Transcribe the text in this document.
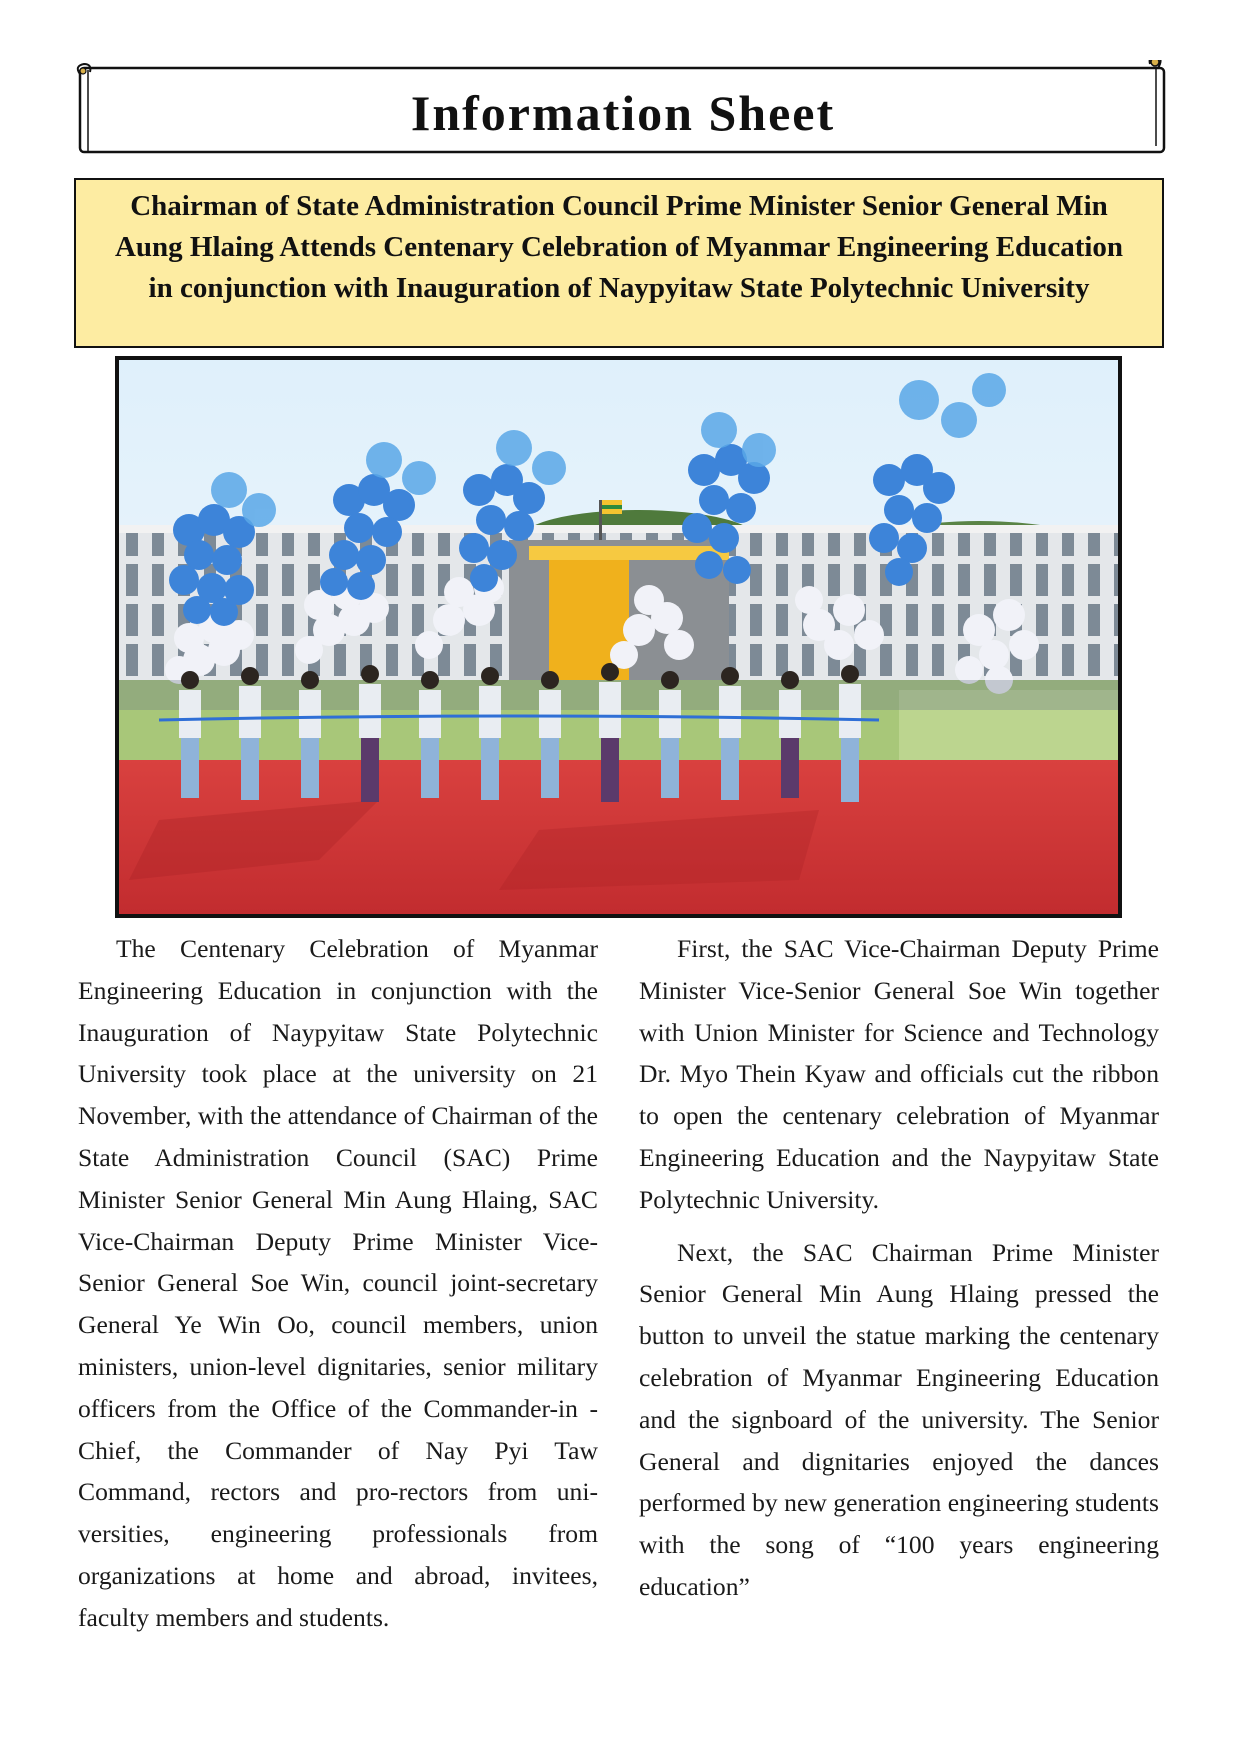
Information Sheet
Chairman of State Administration Council Prime Minister Senior General Min Aung Hlaing Attends Centenary Celebration of Myanmar Engineering Education in conjunction with Inauguration of Naypyitaw State Polytechnic University

The Centenary Celebration of Myanmar Engineering Education in conjunction with the Inauguration of Naypyitaw State Polytechnic University took place at the university on 21 November, with the attendance of Chairman of the State Administration Council (SAC) Prime Minister Senior General Min Aung Hlaing, SAC Vice-Chairman Deputy Prime Minister Vice-Senior General Soe Win, council joint-secretary General Ye Win Oo, council members, union ministers, union-level dignitaries, senior military officers from the Office of the Commander-in -Chief, the Commander of Nay Pyi Taw Command, rectors and pro-rectors from universities, engineering professionals from organizations at home and abroad, invitees, faculty members and students.

First, the SAC Vice-Chairman Deputy Prime Minister Vice-Senior General Soe Win together with Union Minister for Science and Technology Dr. Myo Thein Kyaw and officials cut the ribbon to open the centenary celebration of Myanmar Engineering Education and the Naypyitaw State Polytechnic University.

Next, the SAC Chairman Prime Minister Senior General Min Aung Hlaing pressed the button to unveil the statue marking the centenary celebration of Myanmar Engineering Education and the signboard of the university. The Senior General and dignitaries enjoyed the dances performed by new generation engineering students with the song of “100 years engineering education”
